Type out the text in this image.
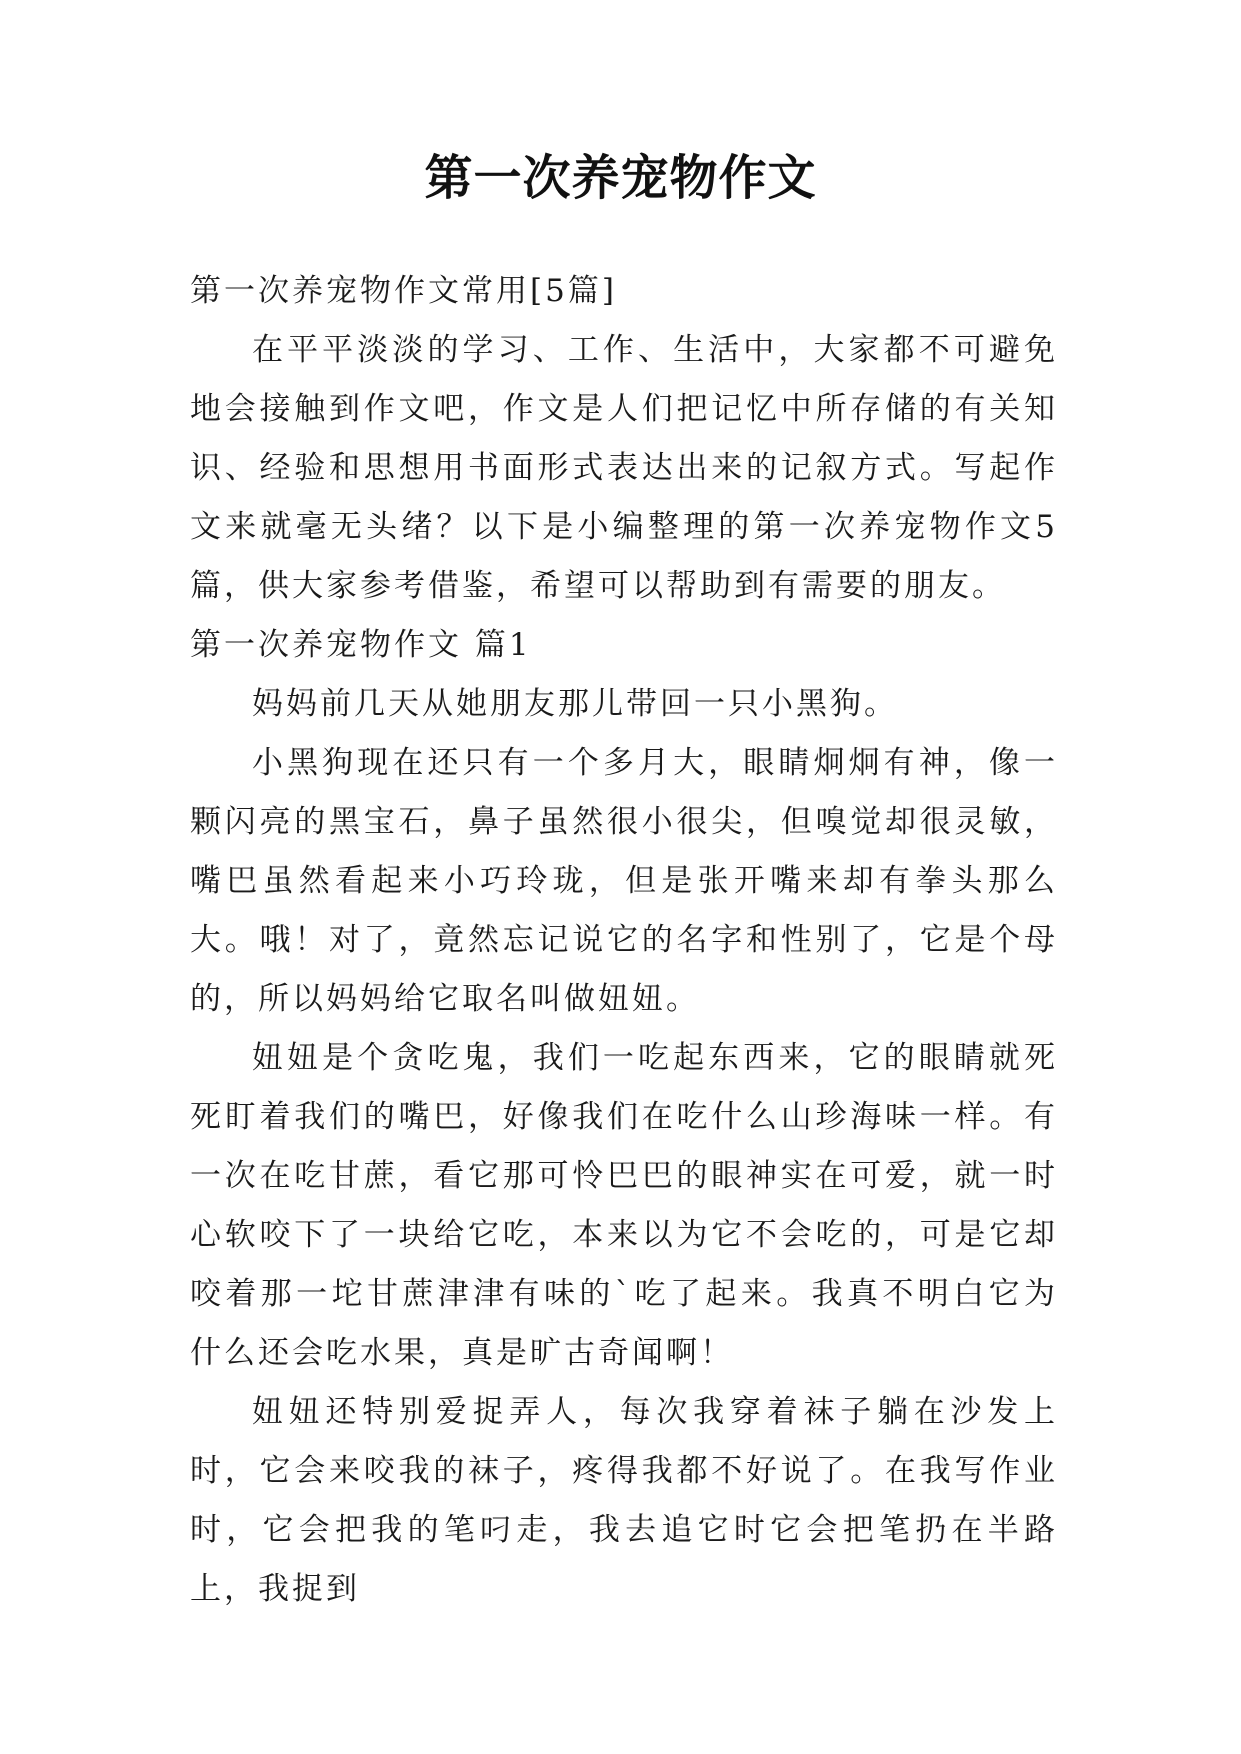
第一次养宠物作文

第一次养宠物作文常用[5篇]

在平平淡淡的学习、工作、生活中，大家都不可避免地会接触到作文吧，作文是人们把记忆中所存储的有关知识、经验和思想用书面形式表达出来的记叙方式。写起作文来就毫无头绪？以下是小编整理的第一次养宠物作文5篇，供大家参考借鉴，希望可以帮助到有需要的朋友。

第一次养宠物作文 篇1

妈妈前几天从她朋友那儿带回一只小黑狗。

小黑狗现在还只有一个多月大，眼睛炯炯有神，像一颗闪亮的黑宝石，鼻子虽然很小很尖，但嗅觉却很灵敏，嘴巴虽然看起来小巧玲珑，但是张开嘴来却有拳头那么大。哦！对了，竟然忘记说它的名字和性别了，它是个母的，所以妈妈给它取名叫做妞妞。

妞妞是个贪吃鬼，我们一吃起东西来，它的眼睛就死死盯着我们的嘴巴，好像我们在吃什么山珍海味一样。有一次在吃甘蔗，看它那可怜巴巴的眼神实在可爱，就一时心软咬下了一块给它吃，本来以为它不会吃的，可是它却咬着那一坨甘蔗津津有味的`吃了起来。我真不明白它为什么还会吃水果，真是旷古奇闻啊！

妞妞还特别爱捉弄人，每次我穿着袜子躺在沙发上时，它会来咬我的袜子，疼得我都不好说了。在我写作业时，它会把我的笔叼走，我去追它时它会把笔扔在半路上，我捉到
